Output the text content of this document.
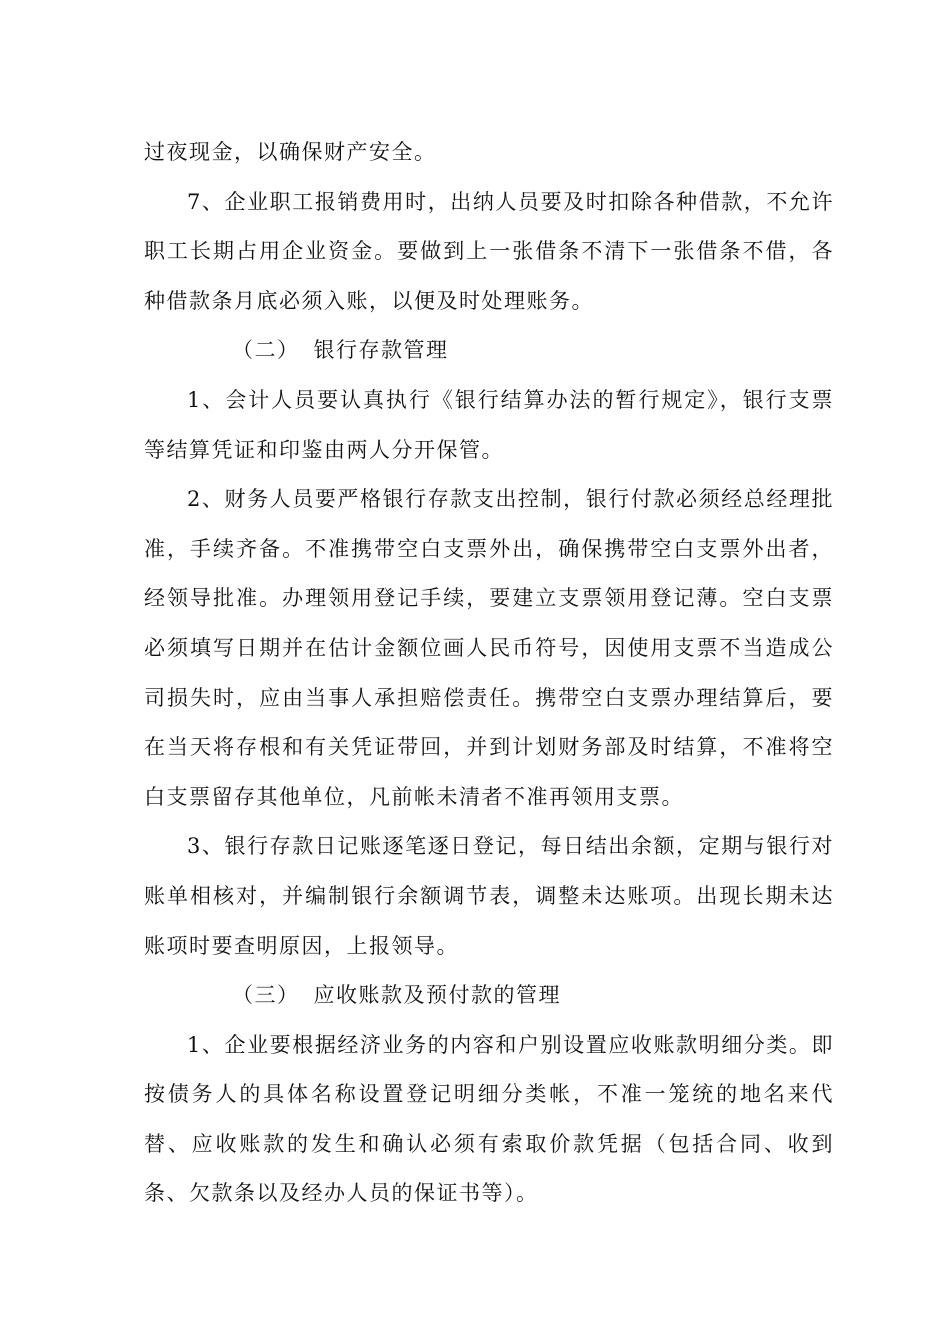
过夜现金，以确保财产安全。

7、企业职工报销费用时，出纳人员要及时扣除各种借款，不允许职工长期占用企业资金。要做到上一张借条不清下一张借条不借，各种借款条月底必须入账，以便及时处理账务。

（二） 银行存款管理

1、会计人员要认真执行《银行结算办法的暂行规定》，银行支票等结算凭证和印鉴由两人分开保管。

2、财务人员要严格银行存款支出控制，银行付款必须经总经理批准，手续齐备。不准携带空白支票外出，确保携带空白支票外出者，经领导批准。办理领用登记手续，要建立支票领用登记薄。空白支票必须填写日期并在估计金额位画人民币符号，因使用支票不当造成公司损失时，应由当事人承担赔偿责任。携带空白支票办理结算后，要在当天将存根和有关凭证带回，并到计划财务部及时结算，不准将空白支票留存其他单位，凡前帐未清者不准再领用支票。

3、银行存款日记账逐笔逐日登记，每日结出余额，定期与银行对账单相核对，并编制银行余额调节表，调整未达账项。出现长期未达账项时要查明原因，上报领导。

（三） 应收账款及预付款的管理

1、企业要根据经济业务的内容和户别设置应收账款明细分类。即按债务人的具体名称设置登记明细分类帐，不准一笼统的地名来代替、应收账款的发生和确认必须有索取价款凭据（包括合同、收到条、欠款条以及经办人员的保证书等）。
